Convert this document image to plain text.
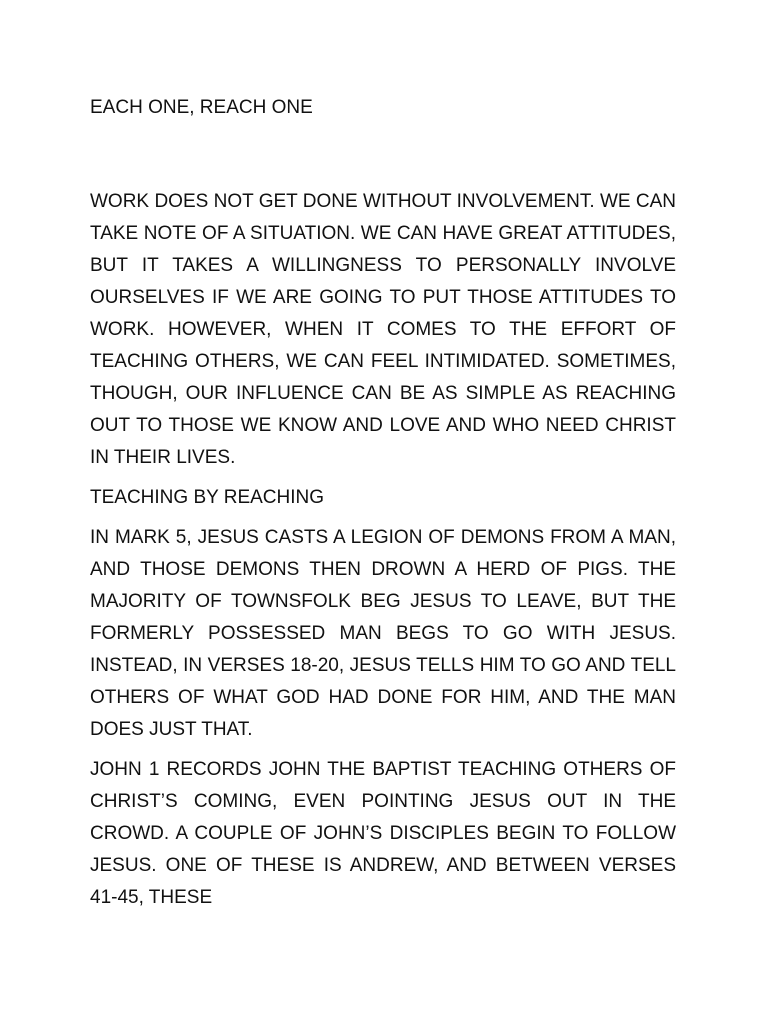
EACH ONE, REACH ONE

WORK DOES NOT GET DONE WITHOUT INVOLVEMENT. WE CAN TAKE NOTE OF A SITUATION. WE CAN HAVE GREAT ATTITUDES, BUT IT TAKES A WILLINGNESS TO PERSONALLY INVOLVE OURSELVES IF WE ARE GOING TO PUT THOSE ATTITUDES TO WORK. HOWEVER, WHEN IT COMES TO THE EFFORT OF TEACHING OTHERS, WE CAN FEEL INTIMIDATED. SOMETIMES, THOUGH, OUR INFLUENCE CAN BE AS SIMPLE AS REACHING OUT TO THOSE WE KNOW AND LOVE AND WHO NEED CHRIST IN THEIR LIVES.

TEACHING BY REACHING

IN MARK 5, JESUS CASTS A LEGION OF DEMONS FROM A MAN, AND THOSE DEMONS THEN DROWN A HERD OF PIGS. THE MAJORITY OF TOWNSFOLK BEG JESUS TO LEAVE, BUT THE FORMERLY POSSESSED MAN BEGS TO GO WITH JESUS. INSTEAD, IN VERSES 18-20, JESUS TELLS HIM TO GO AND TELL OTHERS OF WHAT GOD HAD DONE FOR HIM, AND THE MAN DOES JUST THAT.

JOHN 1 RECORDS JOHN THE BAPTIST TEACHING OTHERS OF CHRIST’S COMING, EVEN POINTING JESUS OUT IN THE CROWD. A COUPLE OF JOHN’S DISCIPLES BEGIN TO FOLLOW JESUS. ONE OF THESE IS ANDREW, AND BETWEEN VERSES 41-45, THESE
